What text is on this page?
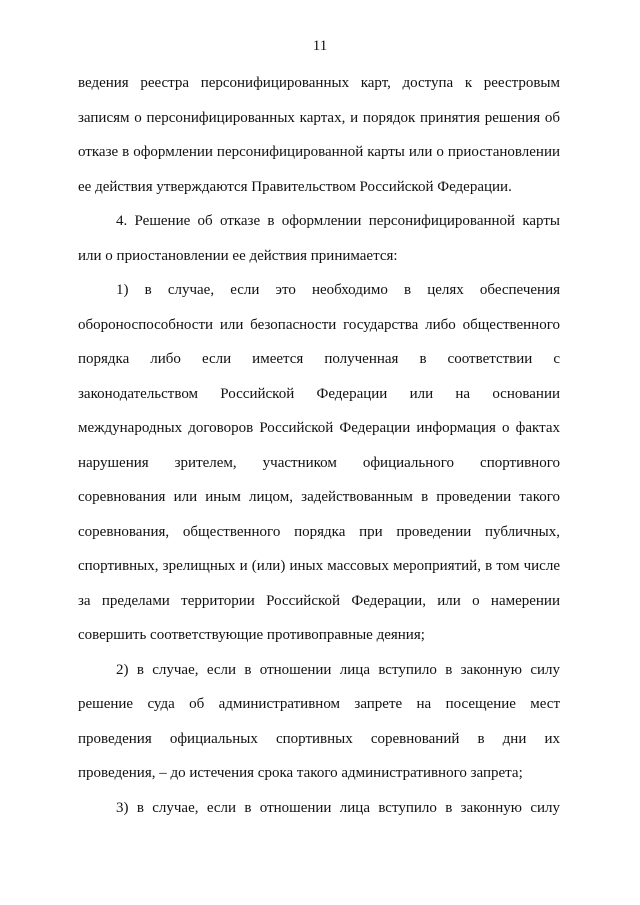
11

ведения реестра персонифицированных карт, доступа к реестровым

записям о персонифицированных картах, и порядок принятия решения об

отказе в оформлении персонифицированной карты или о приостановлении

ее действия утверждаются Правительством Российской Федерации.

4. Решение об отказе в оформлении персонифицированной карты

или о приостановлении ее действия принимается:

1) в случае, если это необходимо в целях обеспечения

обороноспособности или безопасности государства либо общественного

порядка либо если имеется полученная в соответствии с

законодательством Российской Федерации или на основании

международных договоров Российской Федерации информация о фактах

нарушения зрителем, участником официального спортивного

соревнования или иным лицом, задействованным в проведении такого

соревнования, общественного порядка при проведении публичных,

спортивных, зрелищных и (или) иных массовых мероприятий, в том числе

за пределами территории Российской Федерации, или о намерении

совершить соответствующие противоправные деяния;

2) в случае, если в отношении лица вступило в законную силу

решение суда об административном запрете на посещение мест

проведения официальных спортивных соревнований в дни их

проведения, – до истечения срока такого административного запрета;

3) в случае, если в отношении лица вступило в законную силу
